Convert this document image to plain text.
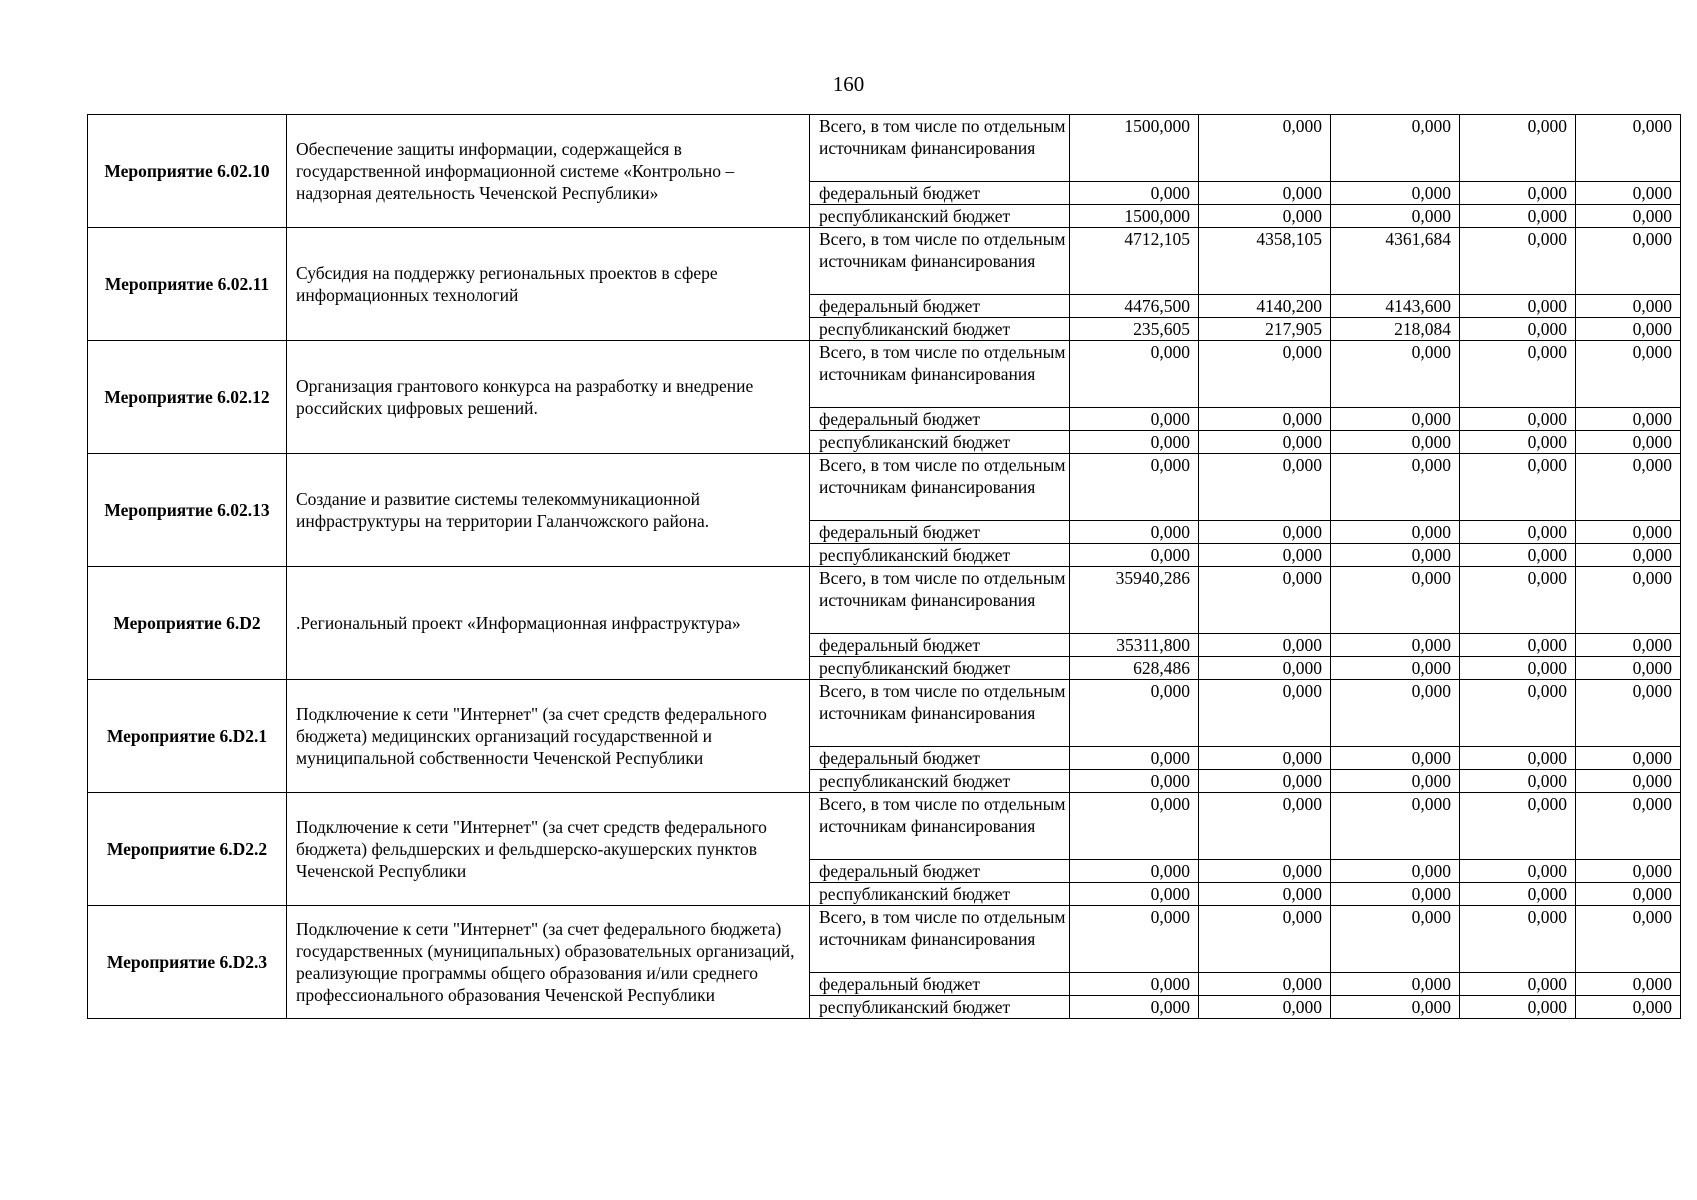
160
Мероприятие 6.02.10	Обеспечение защиты информации, содержащейся в государственной информационной системе «Контрольно – надзорная деятельность Чеченской Республики»	Всего, в том числе по отдельным источникам финансирования	1500,000	0,000	0,000	0,000	0,000
		федеральный бюджет	0,000	0,000	0,000	0,000	0,000
		республиканский бюджет	1500,000	0,000	0,000	0,000	0,000
Мероприятие 6.02.11	Субсидия на поддержку региональных проектов в сфере информационных технологий	Всего, в том числе по отдельным источникам финансирования	4712,105	4358,105	4361,684	0,000	0,000
		федеральный бюджет	4476,500	4140,200	4143,600	0,000	0,000
		республиканский бюджет	235,605	217,905	218,084	0,000	0,000
Мероприятие 6.02.12	Организация грантового конкурса на разработку и внедрение российских цифровых решений.	Всего, в том числе по отдельным источникам финансирования	0,000	0,000	0,000	0,000	0,000
		федеральный бюджет	0,000	0,000	0,000	0,000	0,000
		республиканский бюджет	0,000	0,000	0,000	0,000	0,000
Мероприятие 6.02.13	Создание и развитие системы телекоммуникационной инфраструктуры на территории Галанчожского района.	Всего, в том числе по отдельным источникам финансирования	0,000	0,000	0,000	0,000	0,000
		федеральный бюджет	0,000	0,000	0,000	0,000	0,000
		республиканский бюджет	0,000	0,000	0,000	0,000	0,000
Мероприятие 6.D2	.Региональный проект «Информационная инфраструктура»	Всего, в том числе по отдельным источникам финансирования	35940,286	0,000	0,000	0,000	0,000
		федеральный бюджет	35311,800	0,000	0,000	0,000	0,000
		республиканский бюджет	628,486	0,000	0,000	0,000	0,000
Мероприятие 6.D2.1	Подключение к сети "Интернет" (за счет средств федерального бюджета) медицинских организаций государственной и муниципальной собственности Чеченской Республики	Всего, в том числе по отдельным источникам финансирования	0,000	0,000	0,000	0,000	0,000
		федеральный бюджет	0,000	0,000	0,000	0,000	0,000
		республиканский бюджет	0,000	0,000	0,000	0,000	0,000
Мероприятие 6.D2.2	Подключение к сети "Интернет" (за счет средств федерального бюджета) фельдшерских и фельдшерско-акушерских пунктов Чеченской Республики	Всего, в том числе по отдельным источникам финансирования	0,000	0,000	0,000	0,000	0,000
		федеральный бюджет	0,000	0,000	0,000	0,000	0,000
		республиканский бюджет	0,000	0,000	0,000	0,000	0,000
Мероприятие 6.D2.3	Подключение к сети "Интернет" (за счет федерального бюджета) государственных (муниципальных) образовательных организаций, реализующие программы общего образования и/или среднего профессионального образования Чеченской Республики	Всего, в том числе по отдельным источникам финансирования	0,000	0,000	0,000	0,000	0,000
		федеральный бюджет	0,000	0,000	0,000	0,000	0,000
		республиканский бюджет	0,000	0,000	0,000	0,000	0,000
